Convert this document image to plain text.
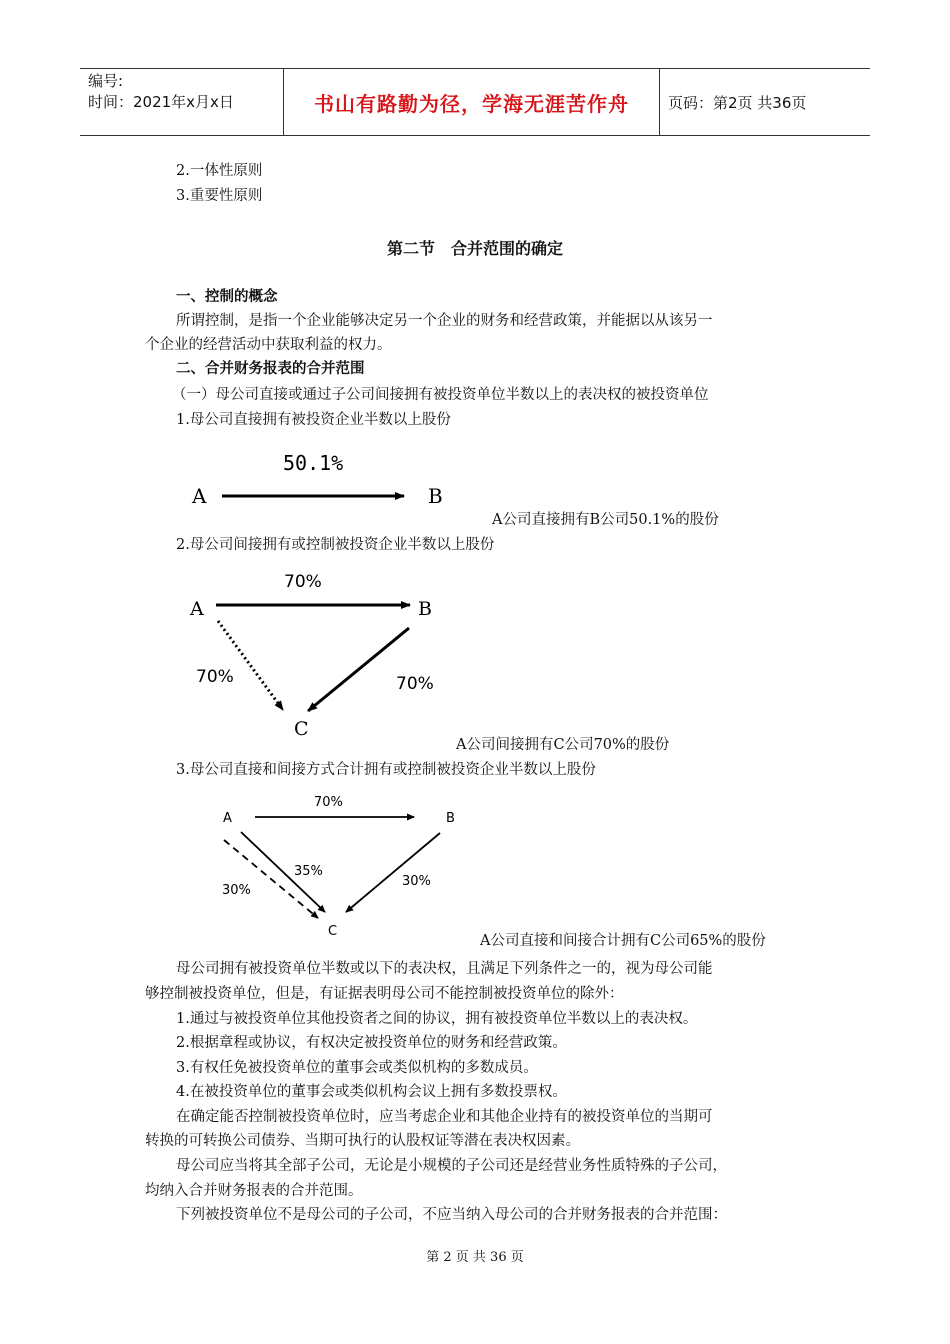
编号:
时间：2021年x月x日	书山有路勤为径，学海无涯苦作舟	页码：第2页 共36页
2.一体性原则
3.重要性原则
第二节　合并范围的确定
一、控制的概念
所谓控制，是指一个企业能够决定另一个企业的财务和经营政策，并能据以从该另一
个企业的经营活动中获取利益的权力。
二、合并财务报表的合并范围
（一）母公司直接或通过子公司间接拥有被投资单位半数以上的表决权的被投资单位
1.母公司直接拥有被投资企业半数以上股份
A	B
50.1%
A	B
C
70%
70%	70%
A	B
C
70%
35%
30%
30%
A公司直接拥有B公司50.1%的股份
2.母公司间接拥有或控制被投资企业半数以上股份
A公司间接拥有C公司70%的股份
3.母公司直接和间接方式合计拥有或控制被投资企业半数以上股份
A公司直接和间接合计拥有C公司65%的股份
母公司拥有被投资单位半数或以下的表决权，且满足下列条件之一的，视为母公司能
够控制被投资单位，但是，有证据表明母公司不能控制被投资单位的除外：
1.通过与被投资单位其他投资者之间的协议，拥有被投资单位半数以上的表决权。
2.根据章程或协议，有权决定被投资单位的财务和经营政策。
3.有权任免被投资单位的董事会或类似机构的多数成员。
4.在被投资单位的董事会或类似机构会议上拥有多数投票权。
在确定能否控制被投资单位时，应当考虑企业和其他企业持有的被投资单位的当期可
转换的可转换公司债券、当期可执行的认股权证等潜在表决权因素。
母公司应当将其全部子公司，无论是小规模的子公司还是经营业务性质特殊的子公司，
均纳入合并财务报表的合并范围。
下列被投资单位不是母公司的子公司，不应当纳入母公司的合并财务报表的合并范围：
第 2 页 共 36 页
